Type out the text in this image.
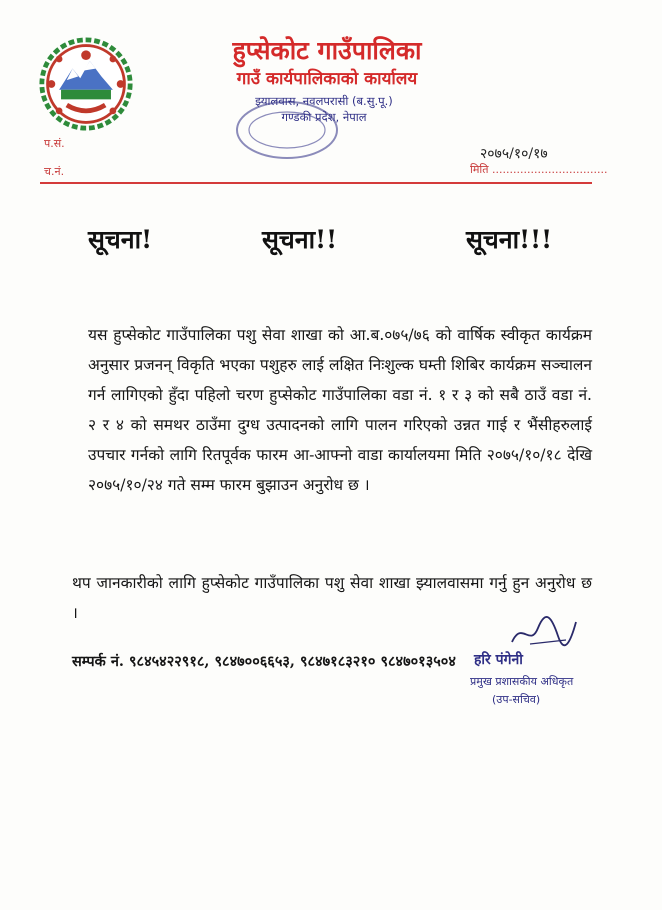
हुप्सेकोट गाउँपालिका
गाउँ कार्यपालिकाको कार्यालय
झ्यालवास, नवलपरासी (ब.सु.पू.)
गण्डकी प्रदेश, नेपाल
प.सं.
च.नं.
२०७५/१०/१७
मिति .................................
सूचना!	सूचना!!	सूचना!!!
यस हुप्सेकोट गाउँपालिका पशु सेवा शाखा को आ.ब.०७५/७६ को वार्षिक स्वीकृत कार्यक्रम अनुसार प्रजनन् विकृति भएका पशुहरु लाई लक्षित निःशुल्क घम्ती शिबिर कार्यक्रम सञ्चालन गर्न लागिएको हुँदा पहिलो चरण हुप्सेकोट गाउँपालिका वडा नं. १ र ३ को सबै ठाउँ वडा नं. २ र ४ को समथर ठाउँमा दुग्ध उत्पादनको लागि पालन गरिएको उन्नत गाई र भैंसीहरुलाई उपचार गर्नको लागि रितपूर्वक फारम आ-आफ्नो वाडा कार्यालयमा मिति २०७५/१०/१८ देखि २०७५/१०/२४ गते सम्म फारम बुझाउन अनुरोध छ ।
थप जानकारीको लागि हुप्सेकोट गाउँपालिका पशु सेवा शाखा झ्यालवासमा गर्नु हुन अनुरोध छ ।
सम्पर्क नं. ९८४५४२२९१८, ९८४७००६६५३, ९८४७१८३२१० ९८४७०१३५०४	हरि पंगेनी
प्रमुख प्रशासकीय अधिकृत
(उप-सचिव)
